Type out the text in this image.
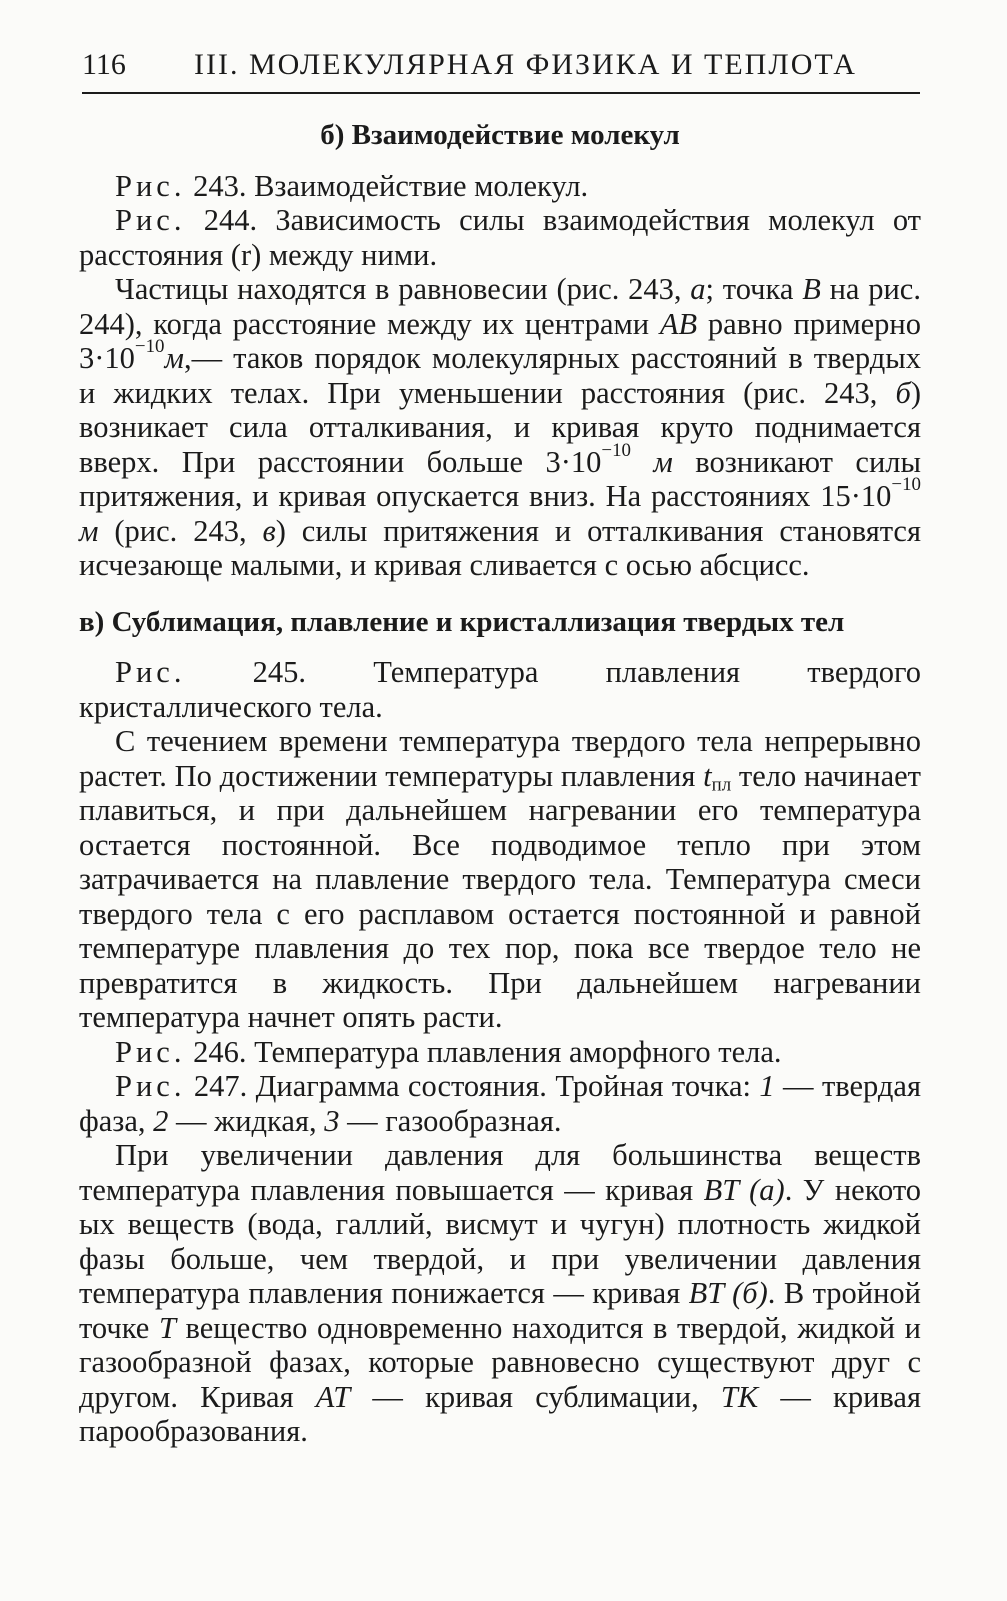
116 III. МОЛЕКУЛЯРНАЯ ФИЗИКА И ТЕПЛОТА
б) Взаимодействие молекул

Рис. 243. Взаимодействие молекул.

Рис. 244. Зависимость силы взаимодействия молекул от расстояния (r) между ними.

Частицы находятся в равновесии (рис. 243, а; точка B на рис. 244), когда расстояние между их центрами AB равно примерно $3\cdot 10^{-10}м,—$ таков порядок молекулярных расстояний в твердых и жидких телах. При уменьшении расстояния (рис. 243, б) возникает сила отталкивания, и кривая круто поднимается вверх. При расстоянии больше $3\cdot 10^{-10}$ м возникают силы притяжения, и кривая опускается вниз. На расстояниях $15\cdot 10^{-10}$ м (рис. 243, в) силы притяжения и отталкивания становятся исчезающе малыми, и кривая сливается с осью абсцисс.

в) Сублимация, плавление и кристаллизация твердых тел

Рис. 245. Температура плавления твердого кристаллического тела.

С течением времени температура твердого тела непрерывно растет. По достижении температуры плавления $t_{пл}$ тело начинает плавиться, и при дальнейшем нагревании его температура остается постоянной. Все подводимое тепло при этом затрачивается на плавление твердого тела. Температура смеси твердого тела с его расплавом остается постоянной и равной температуре плавления до тех пор, пока все твердое тело не превратится в жидкость. При дальнейшем нагревании температура начнет опять расти.

Рис. 246. Температура плавления аморфного тела.

Рис. 247. Диаграмма состояния. Тройная точка: 1 — твердая фаза, 2 — жидкая, 3 — газообразная.

При увеличении давления для большинства веществ температура плавления повышается — кривая BT (а). У некото ых веществ (вода, галлий, висмут и чугун) плотность жидкой фазы больше, чем твердой, и при увеличении давления температура плавления понижается — кривая BT (б). В тройной точке T вещество одновременно находится в твердой, жидкой и газообразной фазах, которые равновесно существуют друг с другом. Кривая AT — кривая сублимации, TK — кривая парообразования.
